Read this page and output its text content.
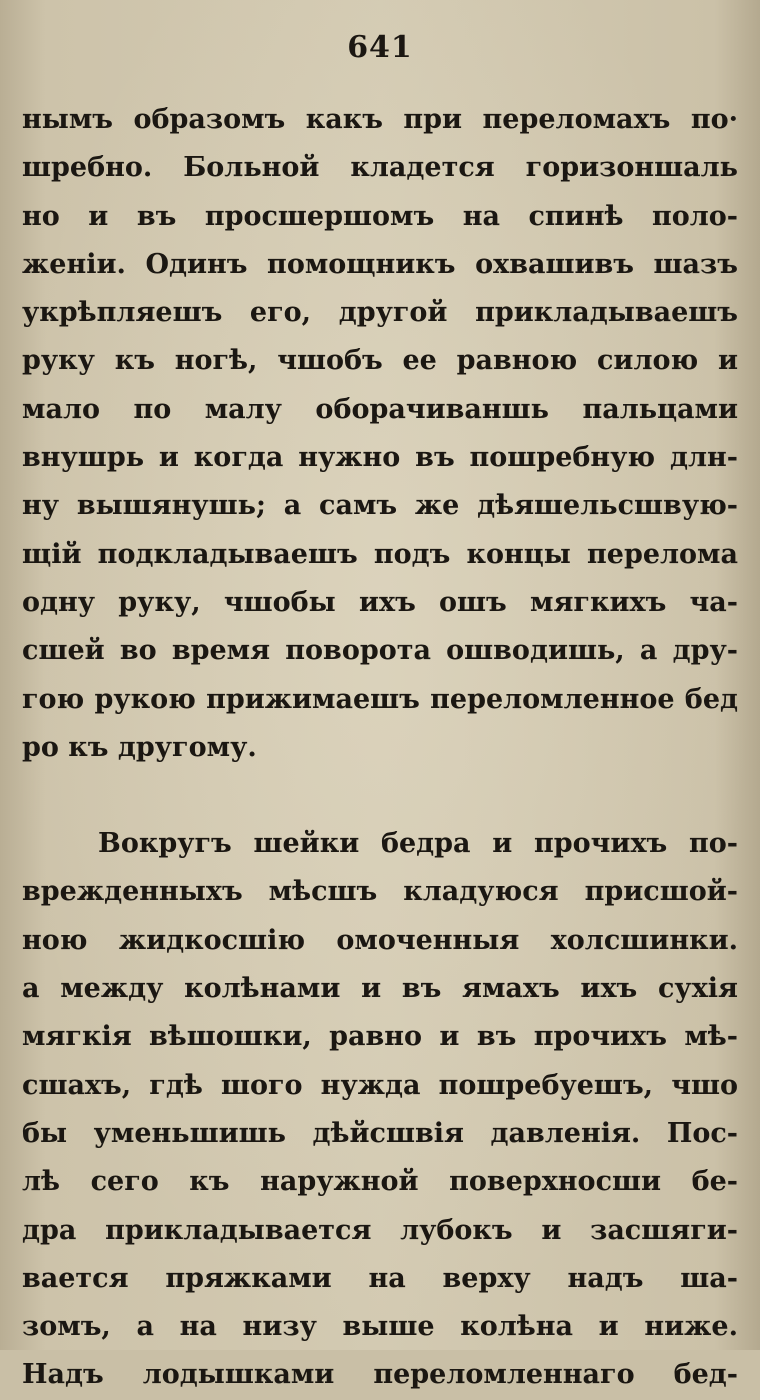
641
нымъ образомъ какъ при переломахъ по·
шребно. Больной кладется горизоншаль
но и въ просшершомъ на спинѣ поло-
женіи. Одинъ помощникъ охвашивъ шазъ
укрѣпляешъ его, другой прикладываешъ
руку къ ногѣ, чшобъ ее равною силою и
мало по малу оборачиваншь пальцами
внушрь и когда нужно въ пошребную длн-
ну вышянушь; а самъ же дѣяшельсшвую-
щій подкладываешъ подъ концы перелома
одну руку, чшобы ихъ ошъ мягкихъ ча-
сшей во время поворота ошводишь, а дру-
гою рукою прижимаешъ переломленное бед
ро къ другому.
Вокругъ шейки бедра и прочихъ по-
врежденныхъ мѣсшъ кладуюся присшой-
ною жидкосшію омоченныя холсшинки.
а между колѣнами и въ ямахъ ихъ сухія
мягкія вѣшошки, равно и въ прочихъ мѣ-
сшахъ, гдѣ шого нужда пошребуешъ, чшо
бы уменьшишь дѣйсшвія давленія. Пос-
лѣ сего къ наружной поверхносши бе-
дра прикладывается лубокъ и засшяги-
вается пряжками на верху надъ ша-
зомъ, а на низу выше колѣна и ниже.
Надъ лодышками переломленнаго бед-
